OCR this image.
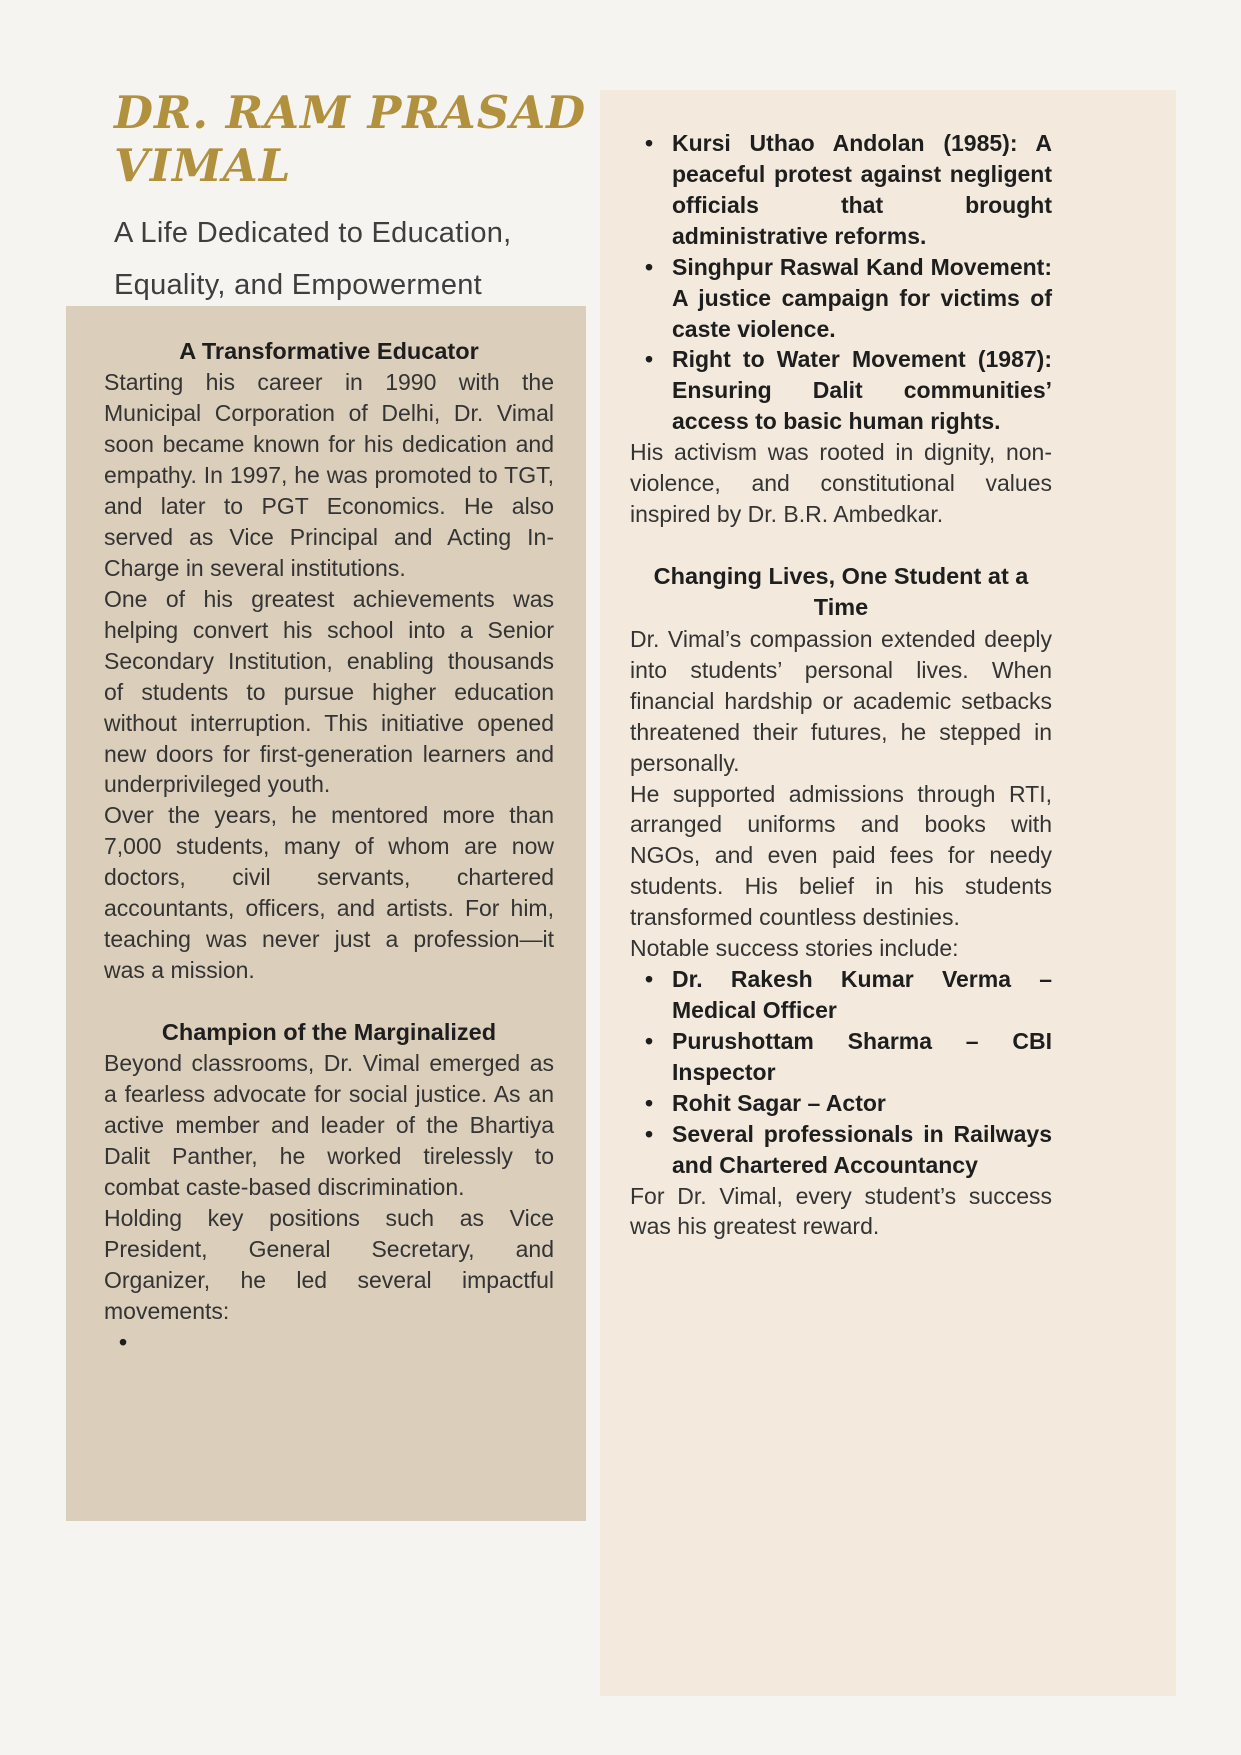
DR. RAM PRASAD
VIMAL
A Life Dedicated to Education,
Equality, and Empowerment
A Transformative Educator

Starting his career in 1990 with the Municipal Corporation of Delhi, Dr. Vimal soon became known for his dedication and empathy. In 1997, he was promoted to TGT, and later to PGT Economics. He also served as Vice Principal and Acting In-Charge in several institutions.

One of his greatest achievements was helping convert his school into a Senior Secondary Institution, enabling thousands of students to pursue higher education without interruption. This initiative opened new doors for first-generation learners and underprivileged youth.

Over the years, he mentored more than 7,000 students, many of whom are now doctors, civil servants, chartered accountants, officers, and artists. For him, teaching was never just a profession—it was a mission.

Champion of the Marginalized

Beyond classrooms, Dr. Vimal emerged as a fearless advocate for social justice. As an active member and leader of the Bhartiya Dalit Panther, he worked tirelessly to combat caste-based discrimination.

Holding key positions such as Vice President, General Secretary, and Organizer, he led several impactful movements:

•
• Kursi Uthao Andolan (1985): A peaceful protest against negligent officials that brought administrative reforms.
• Singhpur Raswal Kand Movement: A justice campaign for victims of caste violence.
• Right to Water Movement (1987): Ensuring Dalit communities’ access to basic human rights.

His activism was rooted in dignity, non-violence, and constitutional values inspired by Dr. B.R. Ambedkar.

Changing Lives, One Student at a Time

Dr. Vimal’s compassion extended deeply into students’ personal lives. When financial hardship or academic setbacks threatened their futures, he stepped in personally.

He supported admissions through RTI, arranged uniforms and books with NGOs, and even paid fees for needy students. His belief in his students transformed countless destinies.

Notable success stories include:

• Dr. Rakesh Kumar Verma – Medical Officer
• Purushottam Sharma – CBI Inspector
• Rohit Sagar – Actor
• Several professionals in Railways and Chartered Accountancy

For Dr. Vimal, every student’s success was his greatest reward.
